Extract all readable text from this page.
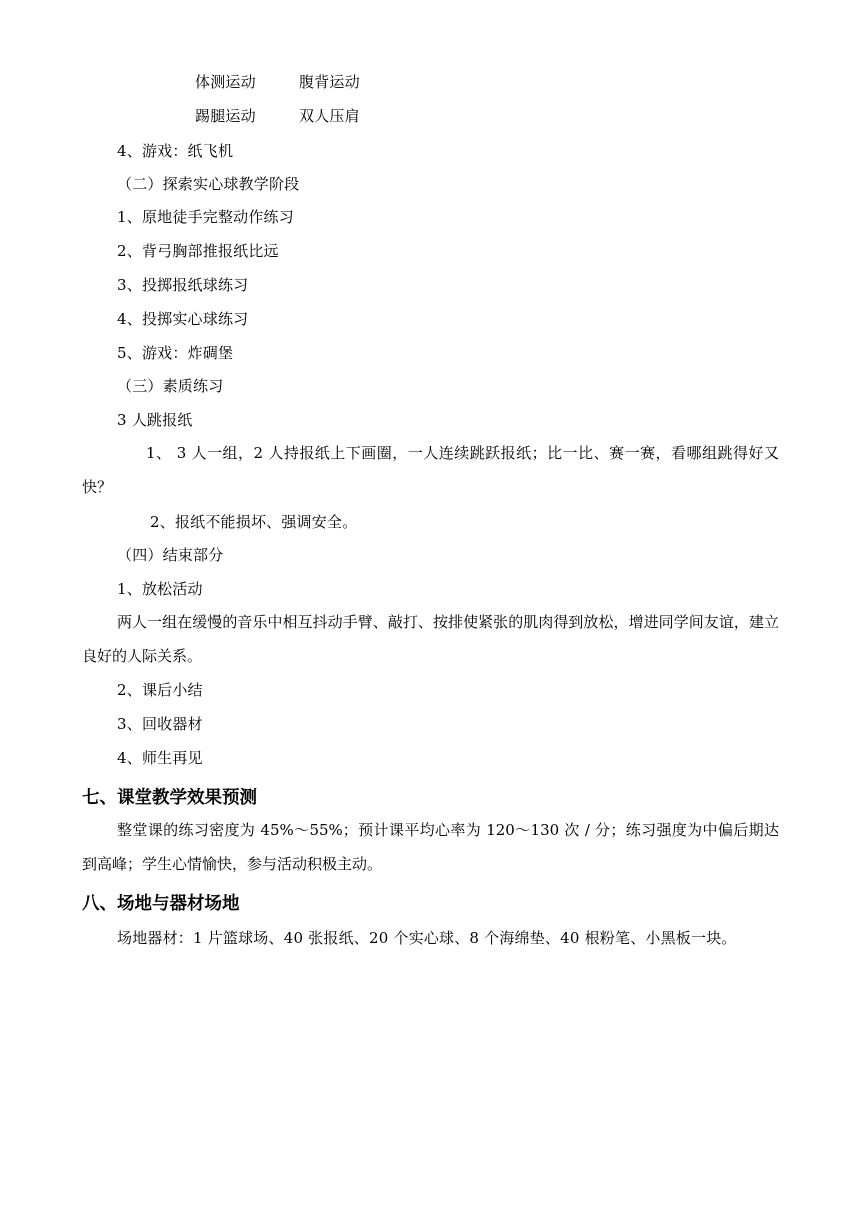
体测运动	腹背运动
踢腿运动	双人压肩
4、游戏：纸飞机
（二）探索实心球教学阶段
1、原地徒手完整动作练习
2、背弓胸部推报纸比远
3、投掷报纸球练习
4、投掷实心球练习
5、游戏：炸碉堡
（三）素质练习
3 人跳报纸
1、 3 人一组，2 人持报纸上下画圈，一人连续跳跃报纸；比一比、赛一赛，看哪组跳得好又快？
2、报纸不能损坏、强调安全。
（四）结束部分
1、放松活动
两人一组在缓慢的音乐中相互抖动手臂、敲打、按排使紧张的肌肉得到放松，增进同学间友谊，建立良好的人际关系。
2、课后小结
3、回收器材
4、师生再见
七、课堂教学效果预测
整堂课的练习密度为 45%～55%；预计课平均心率为 120～130 次 / 分；练习强度为中偏后期达到高峰；学生心情愉快，参与活动积极主动。
八、场地与器材场地
场地器材：1 片篮球场、40 张报纸、20 个实心球、8 个海绵垫、40 根粉笔、小黑板一块。
